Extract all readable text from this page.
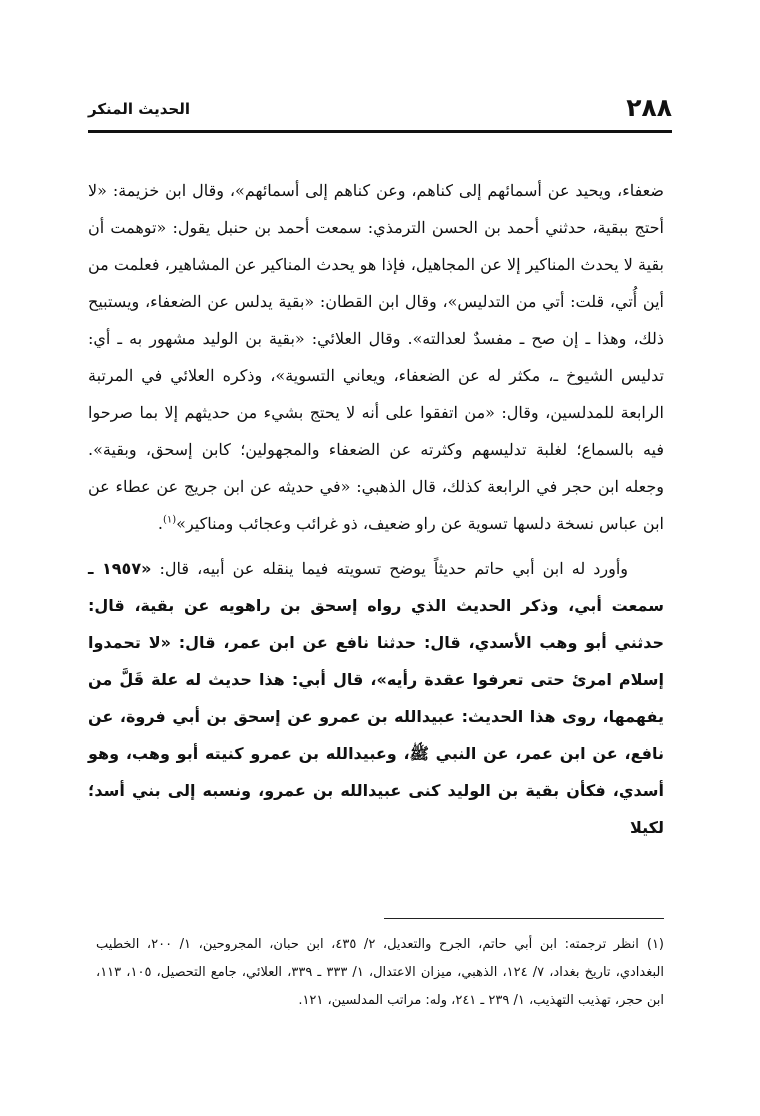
٢٨٨
الحديث المنكر

ضعفاء، ويحيد عن أسمائهم إلى كناهم، وعن كناهم إلى أسمائهم»، وقال ابن خزيمة: «لا أحتج ببقية، حدثني أحمد بن الحسن الترمذي: سمعت أحمد بن حنبل يقول: «توهمت أن بقية لا يحدث المناكير إلا عن المجاهيل، فإذا هو يحدث المناكير عن المشاهير، فعلمت من أين أُتي، قلت: أتي من التدليس»، وقال ابن القطان: «بقية يدلس عن الضعفاء، ويستبيح ذلك، وهذا ـ إن صح ـ مفسدٌ لعدالته». وقال العلائي: «بقية بن الوليد مشهور به ـ أي: تدليس الشيوخ ـ، مكثر له عن الضعفاء، ويعاني التسوية»، وذكره العلائي في المرتبة الرابعة للمدلسين، وقال: «من اتفقوا على أنه لا يحتج بشيء من حديثهم إلا بما صرحوا فيه بالسماع؛ لغلبة تدليسهم وكثرته عن الضعفاء والمجهولين؛ كابن إسحق، وبقية». وجعله ابن حجر في الرابعة كذلك، قال الذهبي: «في حديثه عن ابن جريج عن عطاء عن ابن عباس نسخة دلسها تسوية عن راو ضعيف، ذو غرائب وعجائب ومناكير»$^{(١)}$.

وأورد له ابن أبي حاتم حديثاً يوضح تسويته فيما ينقله عن أبيه، قال: «١٩٥٧ ـ سمعت أبي، وذكر الحديث الذي رواه إسحق بن راهويه عن بقية، قال: حدثني أبو وهب الأسدي، قال: حدثنا نافع عن ابن عمر، قال: «لا تحمدوا إسلام امرئ حتى تعرفوا عقدة رأيه»، قال أبي: هذا حديث له علة قَلَّ من يفهمها، روى هذا الحديث: عبيدالله بن عمرو عن إسحق بن أبي فروة، عن نافع، عن ابن عمر، عن النبي ﷺ، وعبيدالله بن عمرو كنيته أبو وهب، وهو أسدي، فكأن بقية بن الوليد كنى عبيدالله بن عمرو، ونسبه إلى بني أسد؛ لكيلا

(١)انظر ترجمته: ابن أبي حاتم، الجرح والتعديل، ٢/ ٤٣٥، ابن حبان، المجروحين، ١/ ٢٠٠، الخطيب البغدادي، تاريخ بغداد، ٧/ ١٢٤، الذهبي، ميزان الاعتدال، ١/ ٣٣٣ ـ ٣٣٩، العلائي، جامع التحصيل، ١٠٥، ١١٣، ابن حجر، تهذيب التهذيب، ١/ ٢٣٩ ـ ٢٤١، وله: مراتب المدلسين، ١٢١.
